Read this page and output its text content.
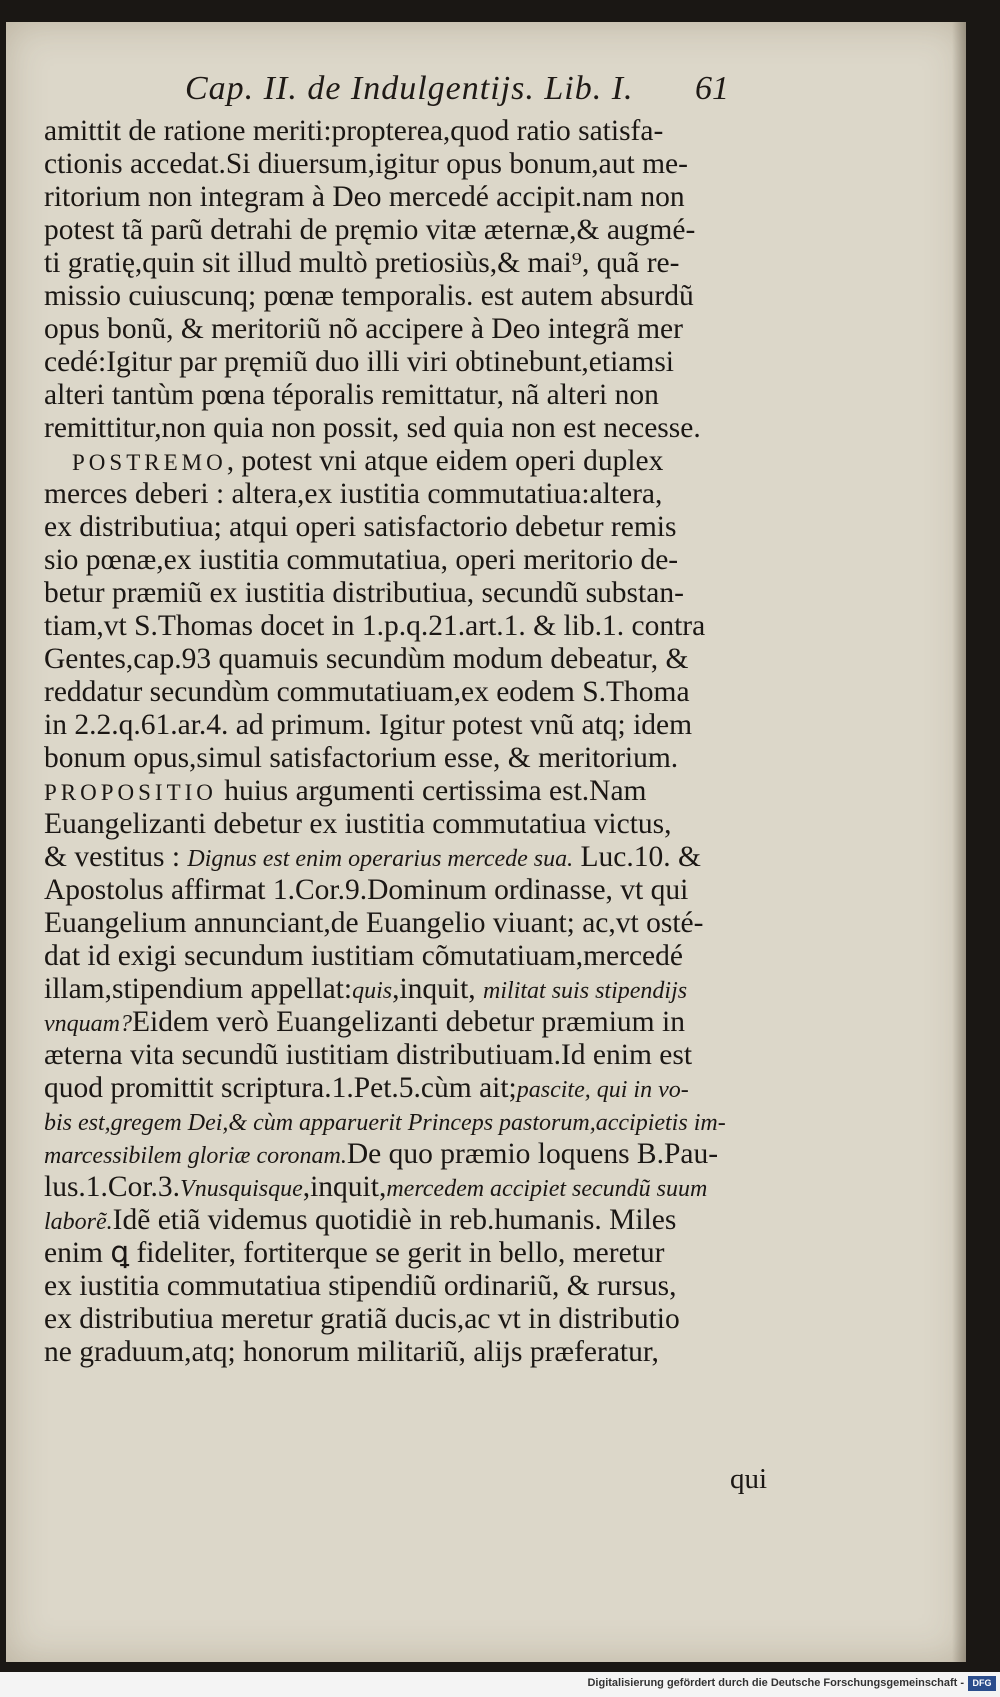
Cap. II. de Indulgentijs. Lib. I.	61
amittit de ratione meriti:propterea,quod ratio satisfa-
ctionis accedat.Si diuersum,igitur opus bonum,aut me-
ritorium non integram à Deo mercedé accipit.nam non
potest tã parũ detrahi de pręmio vitæ æternæ,& augmé-
ti gratię,quin sit illud multò pretiosiùs,& mai⁹, quã re-
missio cuiuscunq; pœnæ temporalis. est autem absurdũ
opus bonũ, & meritoriũ nõ accipere à Deo integrã mer
cedé:Igitur par pręmiũ duo illi viri obtinebunt,etiamsi
alteri tantùm pœna téporalis remittatur, nã alteri non
remittitur,non quia non possit, sed quia non est necesse.
POSTREMO, potest vni atque eidem operi duplex
merces deberi : altera,ex iustitia commutatiua:altera,
ex distributiua; atqui operi satisfactorio debetur remis
sio pœnæ,ex iustitia commutatiua, operi meritorio de-
betur præmiũ ex iustitia distributiua, secundũ substan-
tiam,vt S.Thomas docet in 1.p.q.21.art.1. & lib.1. contra
Gentes,cap.93 quamuis secundùm modum debeatur, &
reddatur secundùm commutatiuam,ex eodem S.Thoma
in 2.2.q.61.ar.4. ad primum. Igitur potest vnũ atq; idem
bonum opus,simul satisfactorium esse, & meritorium.
PROPOSITIO huius argumenti certissima est.Nam
Euangelizanti debetur ex iustitia commutatiua victus,
& vestitus : Dignus est enim operarius mercede sua. Luc.10. &
Apostolus affirmat 1.Cor.9.Dominum ordinasse, vt qui
Euangelium annunciant,de Euangelio viuant; ac,vt osté-
dat id exigi secundum iustitiam cõmutatiuam,mercedé
illam,stipendium appellat:quis,inquit, militat suis stipendijs
vnquam?Eidem verò Euangelizanti debetur præmium in
æterna vita secundũ iustitiam distributiuam.Id enim est
quod promittit scriptura.1.Pet.5.cùm ait;pascite, qui in vo-
bis est,gregem Dei,& cùm apparuerit Princeps pastorum,accipietis im-
marcessibilem gloriæ coronam.De quo præmio loquens B.Pau-
lus.1.Cor.3.Vnusquisque,inquit,mercedem accipiet secundũ suum
laborẽ.Idẽ etiã videmus quotidiè in reb.humanis. Miles
enim ꝗ fideliter, fortiterque se gerit in bello, meretur
ex iustitia commutatiua stipendiũ ordinariũ, & rursus,
ex distributiua meretur gratiã ducis,ac vt in distributio
ne graduum,atq; honorum militariũ, alijs præferatur,
qui
Digitalisierung gefördert durch die Deutsche Forschungsgemeinschaft - DFG
